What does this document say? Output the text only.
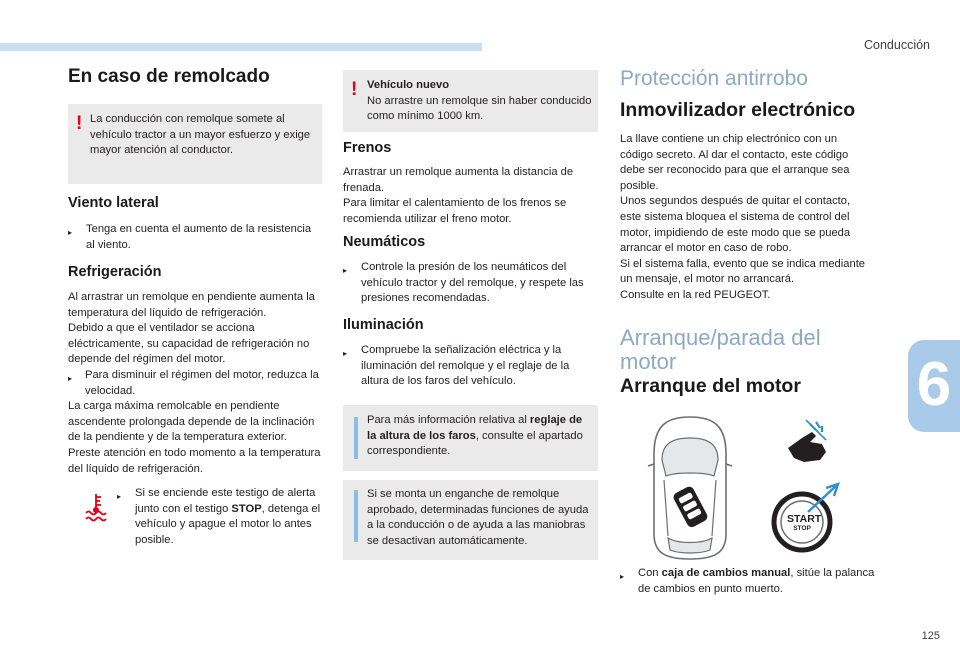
Conducción
6
125
En caso de remolcado
! La conducción con remolque somete al vehículo tractor a un mayor esfuerzo y exige mayor atención al conductor.
Viento lateral
▸	Tenga en cuenta el aumento de la resistencia al viento.
Refrigeración
Al arrastrar un remolque en pendiente aumenta la temperatura del líquido de refrigeración.
Debido a que el ventilador se acciona eléctricamente, su capacidad de refrigeración no depende del régimen del motor.
▸	Para disminuir el régimen del motor, reduzca la velocidad.
La carga máxima remolcable en pendiente ascendente prolongada depende de la inclinación de la pendiente y de la temperatura exterior.
Preste atención en todo momento a la temperatura del líquido de refrigeración.
▸	Si se enciende este testigo de alerta junto con el testigo STOP, detenga el vehículo y apague el motor lo antes posible.
! Vehículo nuevo
No arrastre un remolque sin haber conducido como mínimo 1000 km.
Frenos
Arrastrar un remolque aumenta la distancia de frenada.
Para limitar el calentamiento de los frenos se recomienda utilizar el freno motor.
Neumáticos
▸	Controle la presión de los neumáticos del vehículo tractor y del remolque, y respete las presiones recomendadas.
Iluminación
▸	Compruebe la señalización eléctrica y la iluminación del remolque y el reglaje de la altura de los faros del vehículo.
Para más información relativa al reglaje de la altura de los faros, consulte el apartado correspondiente.
Si se monta un enganche de remolque aprobado, determinadas funciones de ayuda a la conducción o de ayuda a las maniobras se desactivan automáticamente.
Protección antirrobo
Inmovilizador electrónico
La llave contiene un chip electrónico con un código secreto. Al dar el contacto, este código debe ser reconocido para que el arranque sea posible.
Unos segundos después de quitar el contacto, este sistema bloquea el sistema de control del motor, impidiendo de este modo que se pueda arrancar el motor en caso de robo.
Si el sistema falla, evento que se indica mediante un mensaje, el motor no arrancará.
Consulte en la red PEUGEOT.
Arranque/parada del
motor
Arranque del motor
START
STOP
▸	Con caja de cambios manual, sitúe la palanca de cambios en punto muerto.
